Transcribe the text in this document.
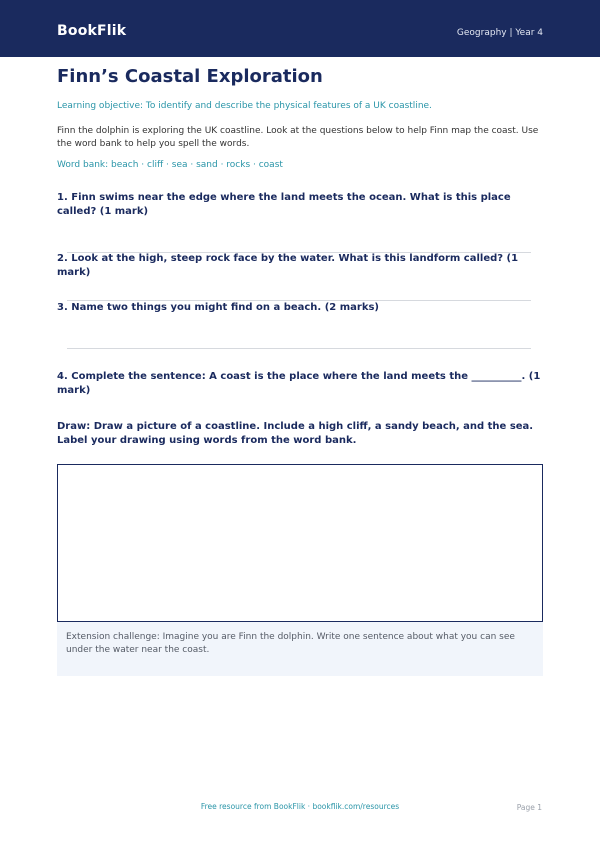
BookFlik	Geography | Year 4
Finn’s Coastal Exploration
Learning objective: To identify and describe the physical features of a UK coastline.
Finn the dolphin is exploring the UK coastline. Look at the questions below to help Finn map the coast. Use the word bank to help you spell the words.
Word bank: beach · cliff · sea · sand · rocks · coast
1. Finn swims near the edge where the land meets the ocean. What is this place called? (1 mark)
2. Look at the high, steep rock face by the water. What is this landform called? (1 mark)
3. Name two things you might find on a beach. (2 marks)
4. Complete the sentence: A coast is the place where the land meets the __________. (1 mark)
Draw: Draw a picture of a coastline. Include a high cliff, a sandy beach, and the sea. Label your drawing using words from the word bank.
Extension challenge: Imagine you are Finn the dolphin. Write one sentence about what you can see under the water near the coast.
Free resource from BookFlik · bookflik.com/resources	Page 1
